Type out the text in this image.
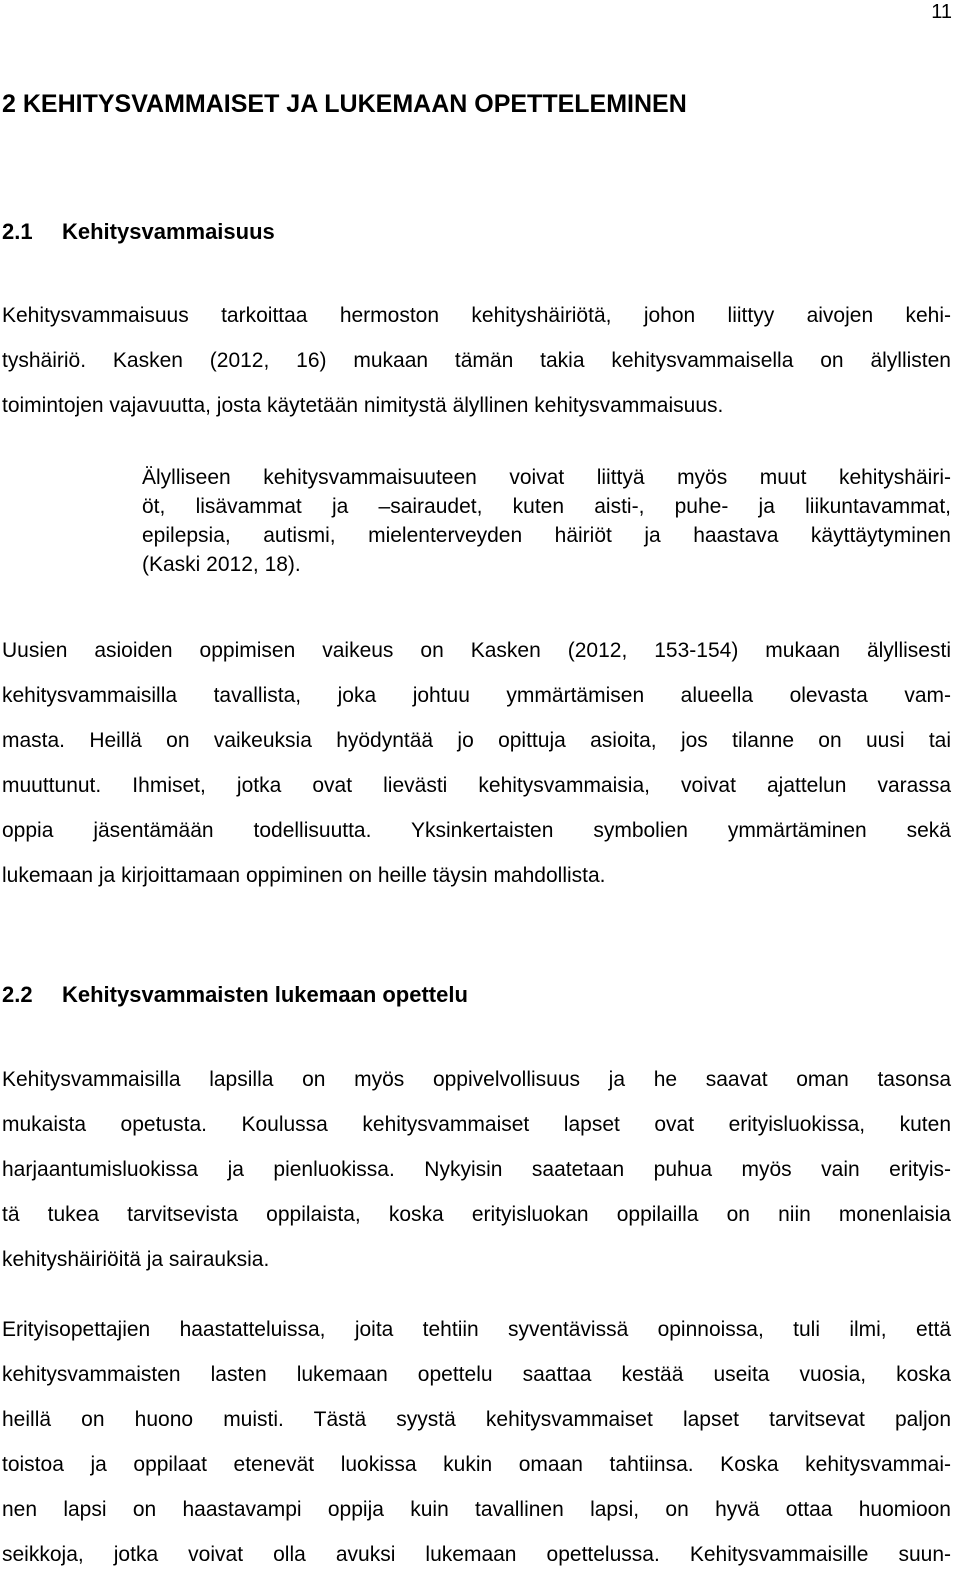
11
2 KEHITYSVAMMAISET JA LUKEMAAN OPETTELEMINEN
2.1 Kehitysvammaisuus
Kehitysvammaisuus tarkoittaa hermoston kehityshäiriötä, johon liittyy aivojen kehi-
tyshäiriö. Kasken (2012, 16) mukaan tämän takia kehitysvammaisella on älyllisten
toimintojen vajavuutta, josta käytetään nimitystä älyllinen kehitysvammaisuus.
Älylliseen kehitysvammaisuuteen voivat liittyä myös muut kehityshäiri-
öt, lisävammat ja –sairaudet, kuten aisti-, puhe- ja liikuntavammat,
epilepsia, autismi, mielenterveyden häiriöt ja haastava käyttäytyminen
(Kaski 2012, 18).
Uusien asioiden oppimisen vaikeus on Kasken (2012, 153-154) mukaan älyllisesti
kehitysvammaisilla tavallista, joka johtuu ymmärtämisen alueella olevasta vam-
masta. Heillä on vaikeuksia hyödyntää jo opittuja asioita, jos tilanne on uusi tai
muuttunut. Ihmiset, jotka ovat lievästi kehitysvammaisia, voivat ajattelun varassa
oppia jäsentämään todellisuutta. Yksinkertaisten symbolien ymmärtäminen sekä
lukemaan ja kirjoittamaan oppiminen on heille täysin mahdollista.
2.2 Kehitysvammaisten lukemaan opettelu
Kehitysvammaisilla lapsilla on myös oppivelvollisuus ja he saavat oman tasonsa
mukaista opetusta. Koulussa kehitysvammaiset lapset ovat erityisluokissa, kuten
harjaantumisluokissa ja pienluokissa. Nykyisin saatetaan puhua myös vain erityis-
tä tukea tarvitsevista oppilaista, koska erityisluokan oppilailla on niin monenlaisia
kehityshäiriöitä ja sairauksia.
Erityisopettajien haastatteluissa, joita tehtiin syventävissä opinnoissa, tuli ilmi, että
kehitysvammaisten lasten lukemaan opettelu saattaa kestää useita vuosia, koska
heillä on huono muisti. Tästä syystä kehitysvammaiset lapset tarvitsevat paljon
toistoa ja oppilaat etenevät luokissa kukin omaan tahtiinsa. Koska kehitysvammai-
nen lapsi on haastavampi oppija kuin tavallinen lapsi, on hyvä ottaa huomioon
seikkoja, jotka voivat olla avuksi lukemaan opettelussa. Kehitysvammaisille suun-
